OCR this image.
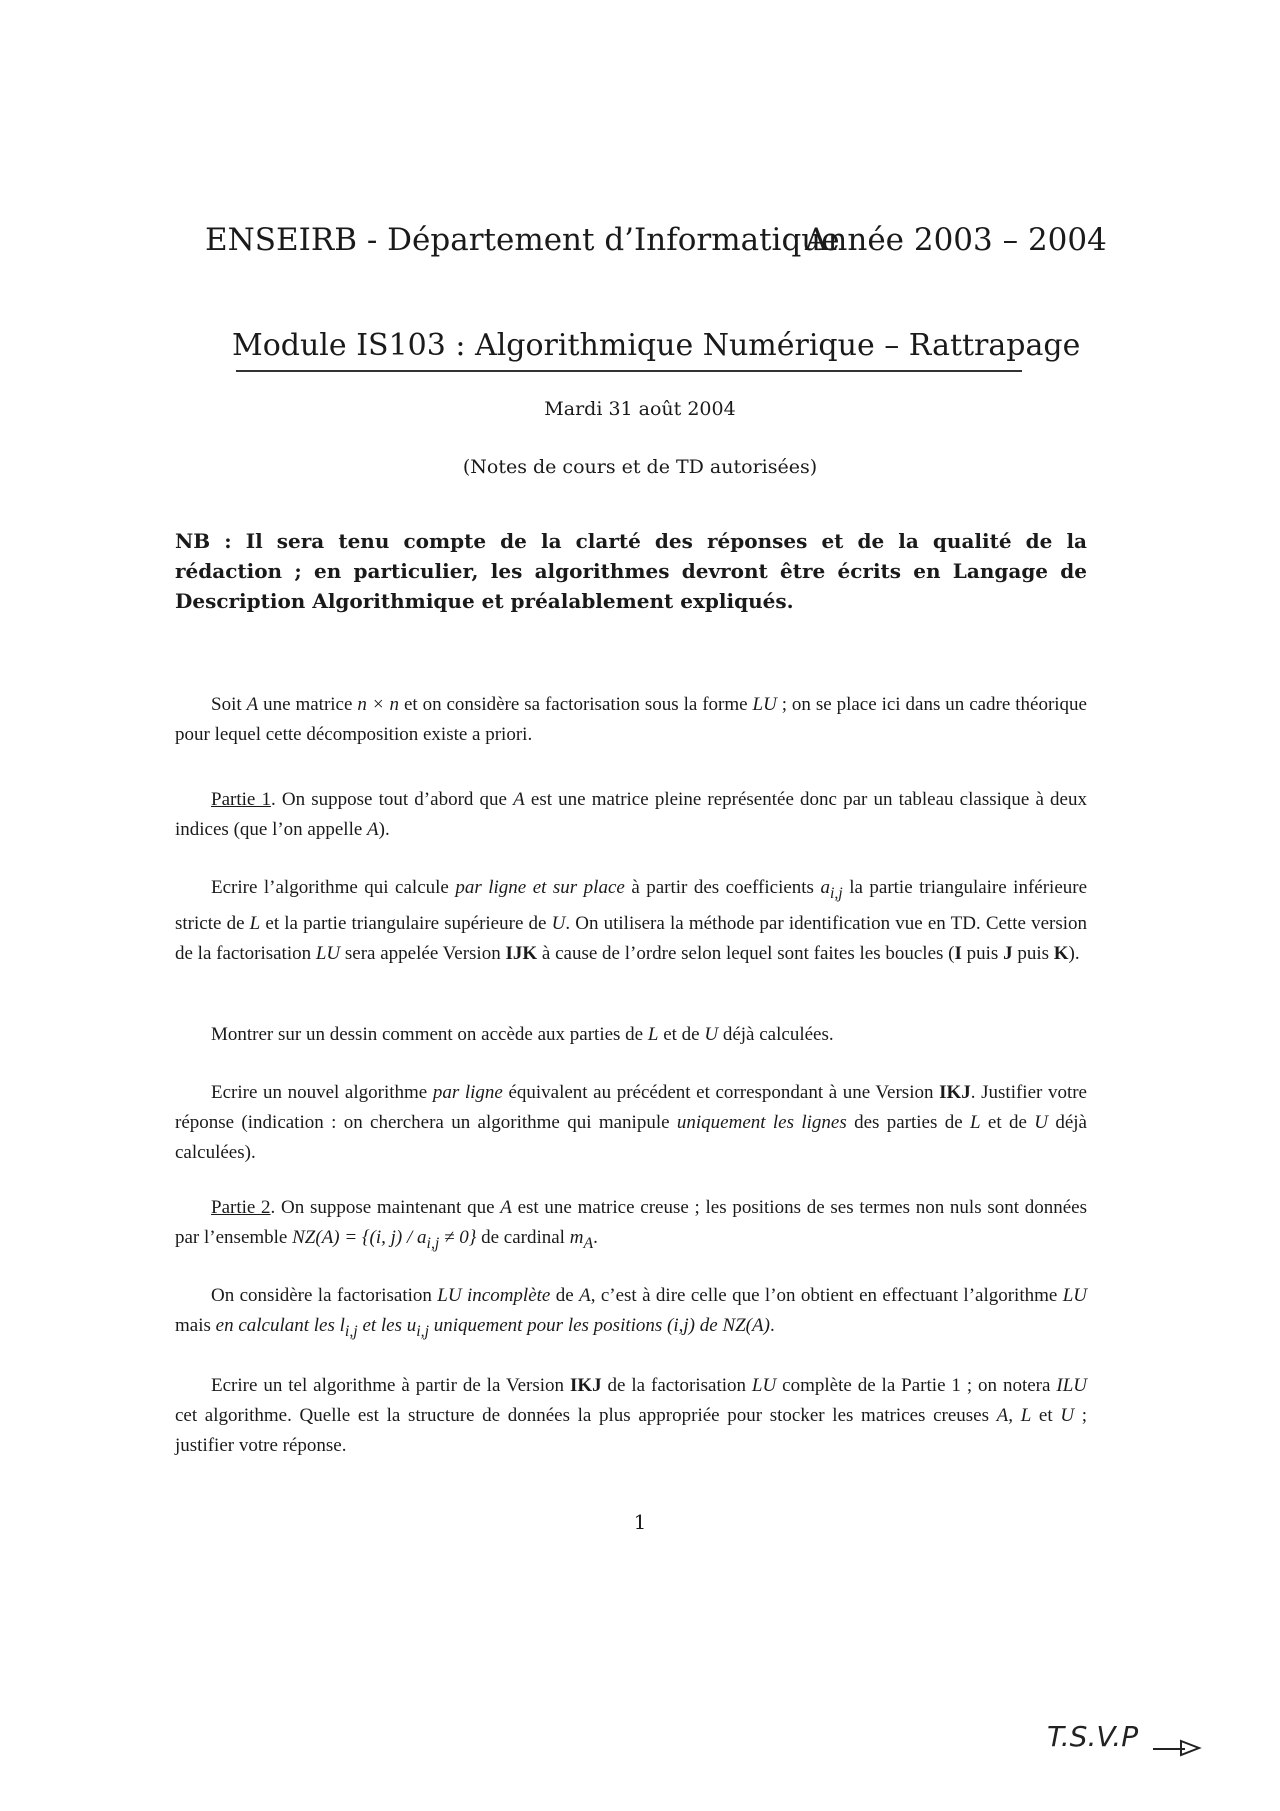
ENSEIRB - Département d’Informatique
Année 2003 – 2004
Module IS103 : Algorithmique Numérique – Rattrapage
Mardi 31 août 2004
(Notes de cours et de TD autorisées)
NB : Il sera tenu compte de la clarté des réponses et de la qualité de la rédaction ; en particulier, les algorithmes devront être écrits en Langage de Description Algorithmique et préalablement expliqués.

Soit A une matrice n × n et on considère sa factorisation sous la forme LU ; on se place ici dans un cadre théorique pour lequel cette décomposition existe a priori.

Partie 1. On suppose tout d’abord que A est une matrice pleine représentée donc par un tableau classique à deux indices (que l’on appelle A).

Ecrire l’algorithme qui calcule par ligne et sur place à partir des coefficients $a_{i,j}$ la partie triangulaire inférieure stricte de L et la partie triangulaire supérieure de U. On utilisera la méthode par identification vue en TD. Cette version de la factorisation LU sera appelée Version IJK à cause de l’ordre selon lequel sont faites les boucles (I puis J puis K).

Montrer sur un dessin comment on accède aux parties de L et de U déjà calculées.

Ecrire un nouvel algorithme par ligne équivalent au précédent et correspondant à une Version IKJ. Justifier votre réponse (indication : on cherchera un algorithme qui manipule uniquement les lignes des parties de L et de U déjà calculées).

Partie 2. On suppose maintenant que A est une matrice creuse ; les positions de ses termes non nuls sont données par l’ensemble NZ(A) = {(i, $j) / a_{i,j} \ne 0$} de cardinal $m_A$.

On considère la factorisation LU incomplète de A, c’est à dire celle que l’on obtient en effectuant l’algorithme LU mais en calculant les $l_{i,j}$ et les $u_{i,j}$ uniquement pour les positions (i,j) de NZ(A).

Ecrire un tel algorithme à partir de la Version IKJ de la factorisation LU complète de la Partie 1 ; on notera ILU cet algorithme. Quelle est la structure de données la plus appropriée pour stocker les matrices creuses A, L et U ; justifier votre réponse.

1
T.S.V.P
